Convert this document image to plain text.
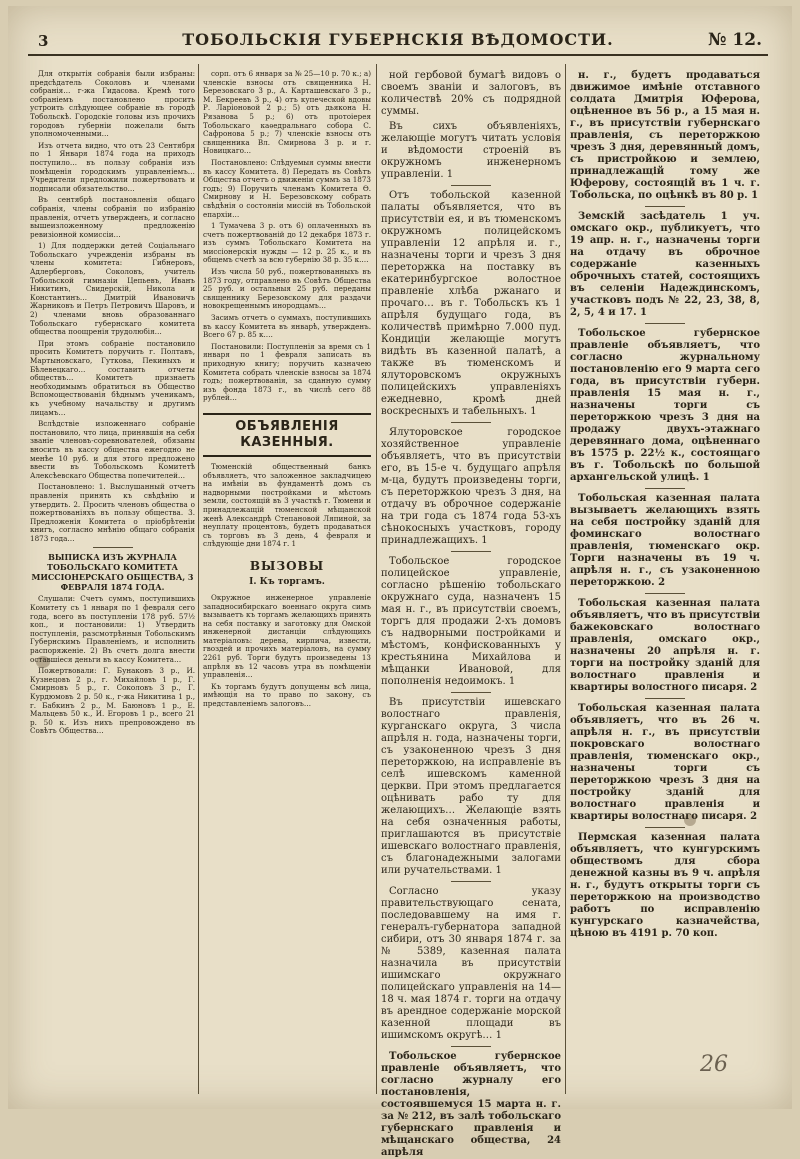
3	ТОБОЛЬСКІЯ ГУБЕРНСКІЯ ВѢДОМОСТИ.	№ 12.

Для открытія собранія были избраны: предсѣдатель Соколовъ и членами собранія… г-жа Гидасова. Кремѣ того собраніемъ постановлено просить устроить слѣдующее собраніе въ городѣ Тобольскѣ. Городскіе головы изъ прочихъ городовъ губерніи пожелали быть уполномоченными…

Изъ отчета видно, что отъ 23 Сентября по 1 Января 1874 года на приходъ поступило… въ пользу собранія изъ помѣщенія городскимъ управленіемъ… Учредители предложили пожертвовать и подписали обязательство…

Въ сентябрѣ постановленія общаго собранія, члены собранія по избранію правленія, отчетъ утвержденъ, и согласно вышеизложенному предложенію ревизіонной комиссіи…

1) Для поддержки детей Соцiальнаго Тобольскаго учрежденія избраны въ члены комитета: Гибнеровъ, Адлерберговъ, Соколовъ, учитель Тобольской гимназіи Цепьевъ, Иванъ Никитинъ, Свидерскiй, Никола и Константинъ… Дмитрій Ивановичъ Жарниковъ и Петръ Петровичъ Шаровъ, и 2) членами вновь образованнаго Тобольскаго губернскаго комитета общества поощренія трудолюбія…

При этомъ собраніе постановило просить Комитетъ поручить г. Полтавъ, Мартыновскаго, Гуткова, Пекиныхъ и Бѣлевецкаго… составить отчеты обществъ… Комитетъ признаетъ необходимымъ обратиться въ Общество Вспомоществованія бѣднымъ ученикамъ, къ учебному начальству и другимъ лицамъ…

Вслѣдствіе изложеннаго собраніе постановило, что лица, принявшія на себя званіе членовъ-соревнователей, обязаны вносить въ кассу общества ежегодно не менѣе 10 руб. и для этого предложено ввести въ Тобольскомъ Комитетѣ Алексѣевскаго Общества попечителей…

Постановлено: 1. Выслушанный отчетъ правленія принять къ свѣдѣнію и утвердить. 2. Просить членовъ общества о пожертвованіяхъ въ пользу общества. 3. Предложенія Комитета о пріобрѣтеніи книгъ, согласно мнѣнію общаго собранія 1873 года…

ВЫПИСКА ИЗЪ ЖУРНАЛА ТОБОЛЬСКАГО КОМИТЕТА МИССІОНЕРСКАГО ОБЩЕСТВА, 3 ФЕВРАЛЯ 1874 ГОДА.

Слушали: Счетъ суммъ, поступившихъ Комитету съ 1 января по 1 февраля сего года, всего въ поступленіи 178 руб. 57½ коп., и постановили: 1) Утвердить поступленія, разсмотрѣнныя Тобольскимъ Губернскимъ Правленіемъ, и исполнить распоряженіе. 2) Въ счетъ долга внести оставшіеся деньги въ кассу Комитета…

Пожертвовали: Г. Бунаковъ 3 р., И. Кузнецовъ 2 р., г. Михайловъ 1 р., Г. Смирновъ 5 р., г. Соколовъ 3 р., Г. Курдюмовъ 2 р. 50 к., г-жа Никитина 1 р., г. Бабкинъ 2 р., М. Баюновъ 1 р., Е. Мальцевъ 50 к., И. Егоровъ 1 р., всего 21 р. 50 к. Изъ нихъ препровождено въ Совѣтъ Общества…

сорп. отъ 6 января за № 25—10 р. 70 к.; а) членскіе взносы отъ священника Н. Березовскаго 3 р., А. Карташевскаго 3 р., М. Бекреевъ 3 р., 4) отъ купеческой вдовы Р. Ларіоновой 2 р.; 5) отъ дьякона Н. Рязанова 5 р.; 6) отъ протоіерея Тобольскаго каѳедральнаго собора С. Сафронова 5 р.; 7) членскіе взносы отъ священника Вл. Смирнова 3 р. и г. Новицкаго…

Постановлено: Слѣдуемыя суммы внести въ кассу Комитета. 8) Передать въ Совѣтъ Общества отчетъ о движеніи суммъ за 1873 годъ; 9) Поручить членамъ Комитета Ѳ. Смирнову и Н. Березовскому собрать свѣдѣнія о состояніи миссій въ Тобольской епархіи…

1 Тумачева 3 р. отъ 6) оплаченныхъ въ счетъ пожертвованій до 12 декабря 1873 г. изъ суммъ Тобольскаго Комитета на миссіонерскія нужды — 12 р. 25 к., и въ общемъ счетѣ за всю губернію 38 р. 35 к.…

Изъ числа 50 руб., пожертвованныхъ въ 1873 году, отправлено въ Совѣтъ Общества 25 руб. и остальныя 25 руб. переданы священнику Березовскому для раздачи новокрещеннымъ инородцамъ…

Засимъ отчетъ о суммахъ, поступившихъ въ кассу Комитета въ январѣ, утвержденъ. Всего 67 р. 85 к.…

Постановили: Поступленія за время съ 1 января по 1 февраля записать въ приходную книгу; поручить казначею Комитета собрать членскіе взносы за 1874 годъ; пожертвованія, за сданную сумму изъ фонда 1873 г., въ числѣ сего 88 рублей…

ОБЪЯВЛЕНІЯ КАЗЕННЫЯ.

Тюменскій общественный банкъ объявляетъ, что заложенное закладчицею на имѣніи въ фундаментѣ домъ съ надворными постройками и мѣстомъ земли, состоящій въ 3 участкѣ г. Тюмени и принадлежащій тюменской мѣщанской женѣ Александрѣ Степановой Ляпиной, за неуплату процентовъ, будетъ продаваться съ торговъ въ 3 день, 4 февраля и слѣдующіе дни 1874 г. 1

ВЫЗОВЫ
I. Къ торгамъ.

Окружное инженерное управленіе западносибирскаго военнаго округа симъ вызываетъ къ торгамъ желающихъ принять на себя поставку и заготовку для Омской инженерной дистанціи слѣдующихъ матеріаловъ: дерева, кирпича, извести, гвоздей и прочихъ матеріаловъ, на сумму 2261 руб. Торги будутъ произведены 13 апрѣля въ 12 часовъ утра въ помѣщеніи управленія…

Къ торгамъ будутъ допущены всѣ лица, имѣющія на то право по закону, съ представленіемъ залоговъ…

ной гербовой бумагѣ видовъ о своемъ званіи и залоговъ, въ количествѣ 20% съ подрядной суммы.

Въ сихъ объявленіяхъ, желающіе могутъ читать условія и вѣдомости строеній въ окружномъ инженерномъ управленіи. 1

Отъ тобольской казенной палаты объявляется, что въ присутствіи ея, и въ тюменскомъ окружномъ полицейскомъ управленіи 12 апрѣля и. г., назначены торги и чрезъ 3 дня переторжка на поставку въ екатеринбургское волостное правленіе хлѣба ржанаго и прочаго… въ г. Тобольскъ къ 1 апрѣля будущаго года, въ количествѣ примѣрно 7.000 пуд. Кондиціи желающіе могутъ видѣть въ казенной палатѣ, а также въ тюменскомъ и ялуторовскомъ окружныхъ полицейскихъ управленіяхъ ежедневно, кромѣ дней воскресныхъ и табельныхъ. 1

Ялуторовское городское хозяйственное управленіе объявляетъ, что въ присутствіи его, въ 15-е ч. будущаго апрѣля м-ца, будутъ произведены торги, съ переторжкою чрезъ 3 дня, на отдачу въ оброчное содержаніе на три года съ 1874 года 53-хъ сѣнокосныхъ участковъ, городу принадлежащихъ. 1

Тобольское городское полицейское управленіе, согласно рѣшенію тобольскаго окружнаго суда, назначенъ 15 мая н. г., въ присутствіи своемъ, торгъ для продажи 2-хъ домовъ съ надворными постройками и мѣстомъ, конфискованныхъ у крестьянина Михайлова и мѣщанки Ивановой, для пополненія недоимокъ. 1

Въ присутствіи ишевскаго волостнаго правленія, курганскаго округа, 3 числа апрѣля н. года, назначены торги, съ узаконенною чрезъ 3 дня переторжкою, на исправленіе въ селѣ ишевскомъ каменной церкви. При этомъ предлагается оцѣнивать рабо ту для желающихъ… Желающіе взять на себя означенныя работы, приглашаются въ присутствіе ишевскаго волостнаго правленія, съ благонадежными залогами или ручательствами. 1

Согласно указу правительствующаго сената, последовавшему на имя г. генералъ-губернатора западной сибири, отъ 30 января 1874 г. за № 5389, казенная палата назначила въ присутствіи ишимскаго окружнаго полицейскаго управленія на 14—18 ч. мая 1874 г. торги на отдачу въ арендное содержаніе морской казенной площади въ ишимскомъ округѣ… 1

Тобольское губернское правленіе объявляетъ, что согласно журналу его постановленія, состоявшемуся 15 марта н. г. за № 212, въ залѣ тобольскаго губернскаго правленія и мѣщанскаго общества, 24 апрѣля

н. г., будетъ продаваться движимое имѣніе отставного солдата Дмитрія Юферова, оцѣненное въ 56 р., а 15 мая н. г., въ присутствіи губернскаго правленія, съ переторжкою чрезъ 3 дня, деревянный домъ, съ пристройкою и землею, принадлежащій тому же Юферову, состоящій въ 1 ч. г. Тобольска, по оцѣнкѣ въ 80 р. 1

Земскій засѣдатель 1 уч. омскаго окр., публикуетъ, что 19 апр. н. г., назначены торги на отдачу въ оброчное содержаніе казенныхъ оброчныхъ статей, состоящихъ въ селеніи Надеждинскомъ, участковъ подъ № 22, 23, 38, 8, 2, 5, 4 и 17. 1

Тобольское губернское правленіе объявляетъ, что согласно журнальному постановленію его 9 марта сего года, въ присутствіи губерн. правленія 15 мая н. г., назначены торги съ переторжкою чрезъ 3 дня на продажу двухъ-этажнаго деревяннаго дома, оцѣненнаго въ 1575 р. 22½ к., состоящаго въ г. Тобольскѣ по большой архангельской улицѣ. 1

Тобольская казенная палата вызываетъ желающихъ взять на себя постройку зданій для фоминскаго волостнаго правленія, тюменскаго окр. Торги назначены въ 19 ч. апрѣля н. г., съ узаконенною переторжкою. 2

Тобольская казенная палата объявляетъ, что въ присутствіи бажековскаго волостнаго правленія, омскаго окр., назначены 20 апрѣля н. г. торги на постройку зданій для волостнаго правленія и квартиры волостного писаря. 2

Тобольская казенная палата объявляетъ, что въ 26 ч. апрѣля н. г., въ присутствіи покровскаго волостнаго правленія, тюменскаго окр., назначены торги съ переторжкою чрезъ 3 дня на постройку зданій для волостнаго правленія и квартиры волостнаго писаря. 2

Пермская казенная палата объявляетъ, что кунгурскимъ обществомъ для сбора денежной казны въ 9 ч. апрѣля н. г., будутъ открыты торги съ переторжкою на производство работъ по исправленію кунгурскаго казначейства, цѣною въ 4191 р. 70 коп.

26
